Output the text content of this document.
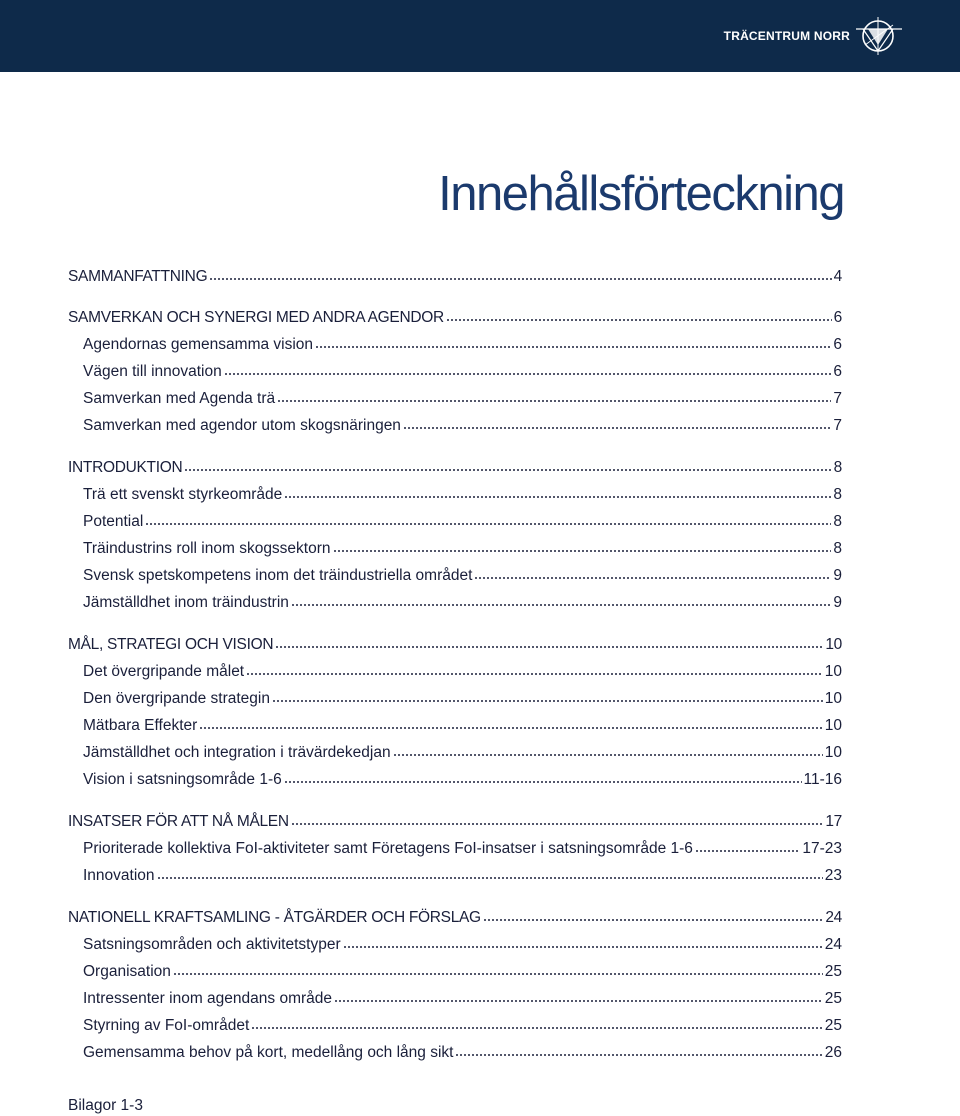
TRÄCENTRUM NORR
Innehållsförteckning
SAMMANFATTNING	4
SAMVERKAN OCH SYNERGI MED ANDRA AGENDOR	6
Agendornas gemensamma vision	6
Vägen till innovation	6
Samverkan med Agenda trä	7
Samverkan med agendor utom skogsnäringen	7
INTRODUKTION	8
Trä ett svenskt styrkeområde	8
Potential	8
Träindustrins roll inom skogssektorn	8
Svensk spetskompetens inom det träindustriella området	9
Jämställdhet inom träindustrin	9
MÅL, STRATEGI OCH VISION	10
Det övergripande målet	10
Den övergripande strategin	10
Mätbara Effekter	10
Jämställdhet och integration i trävärdekedjan	10
Vision i satsningsområde 1-6	11-16
INSATSER FÖR ATT NÅ MÅLEN	17
Prioriterade kollektiva FoI-aktiviteter samt Företagens FoI-insatser i satsningsområde 1-6	17-23
Innovation	23
NATIONELL KRAFTSAMLING - ÅTGÄRDER OCH FÖRSLAG	24
Satsningsområden och aktivitetstyper	24
Organisation	25
Intressenter inom agendans område	25
Styrning av FoI-området	25
Gemensamma behov på kort, medellång och lång sikt	26
Bilagor 1-3
